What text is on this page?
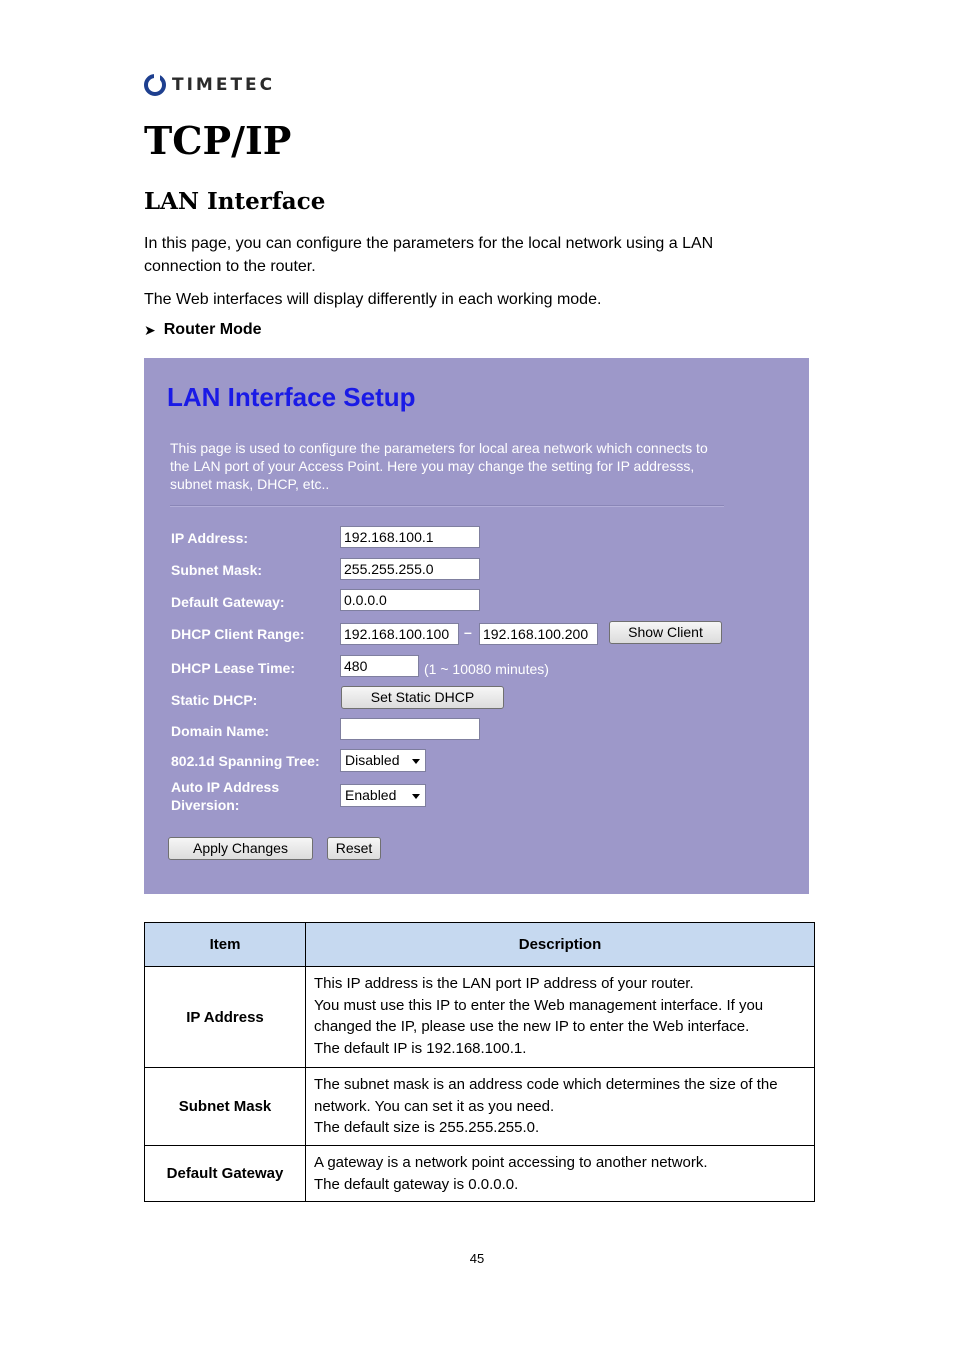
TIMETEC
TCP/IP
LAN Interface

In this page, you can configure the parameters for the local network using a LAN connection to the router.

The Web interfaces will display differently in each working mode.

➤ Router Mode
LAN Interface Setup

This page is used to configure the parameters for local area network which connects to the LAN port of your Access Point. Here you may change the setting for IP addresss, subnet mask, DHCP, etc..

IP Address:	192.168.100.1
Subnet Mask:	255.255.255.0
Default Gateway:	0.0.0.0
DHCP Client Range:	192.168.100.100	– 192.168.100.200	Show Client
DHCP Lease Time:	480	(1 ~ 10080 minutes)
Static DHCP:	Set Static DHCP
Domain Name:
802.1d Spanning Tree:	Disabled
Auto IP Address
Diversion:
Enabled
Apply Changes	Reset
Item	Description
IP Address	This IP address is the LAN port IP address of your router.
You must use this IP to enter the Web management interface. If you changed the IP, please use the new IP to enter the Web interface.
The default IP is 192.168.100.1.

Subnet Mask	The subnet mask is an address code which determines the size of the network. You can set it as you need.
The default size is 255.255.255.0.

Default Gateway	A gateway is a network point accessing to another network.
The default gateway is 0.0.0.0.
45
